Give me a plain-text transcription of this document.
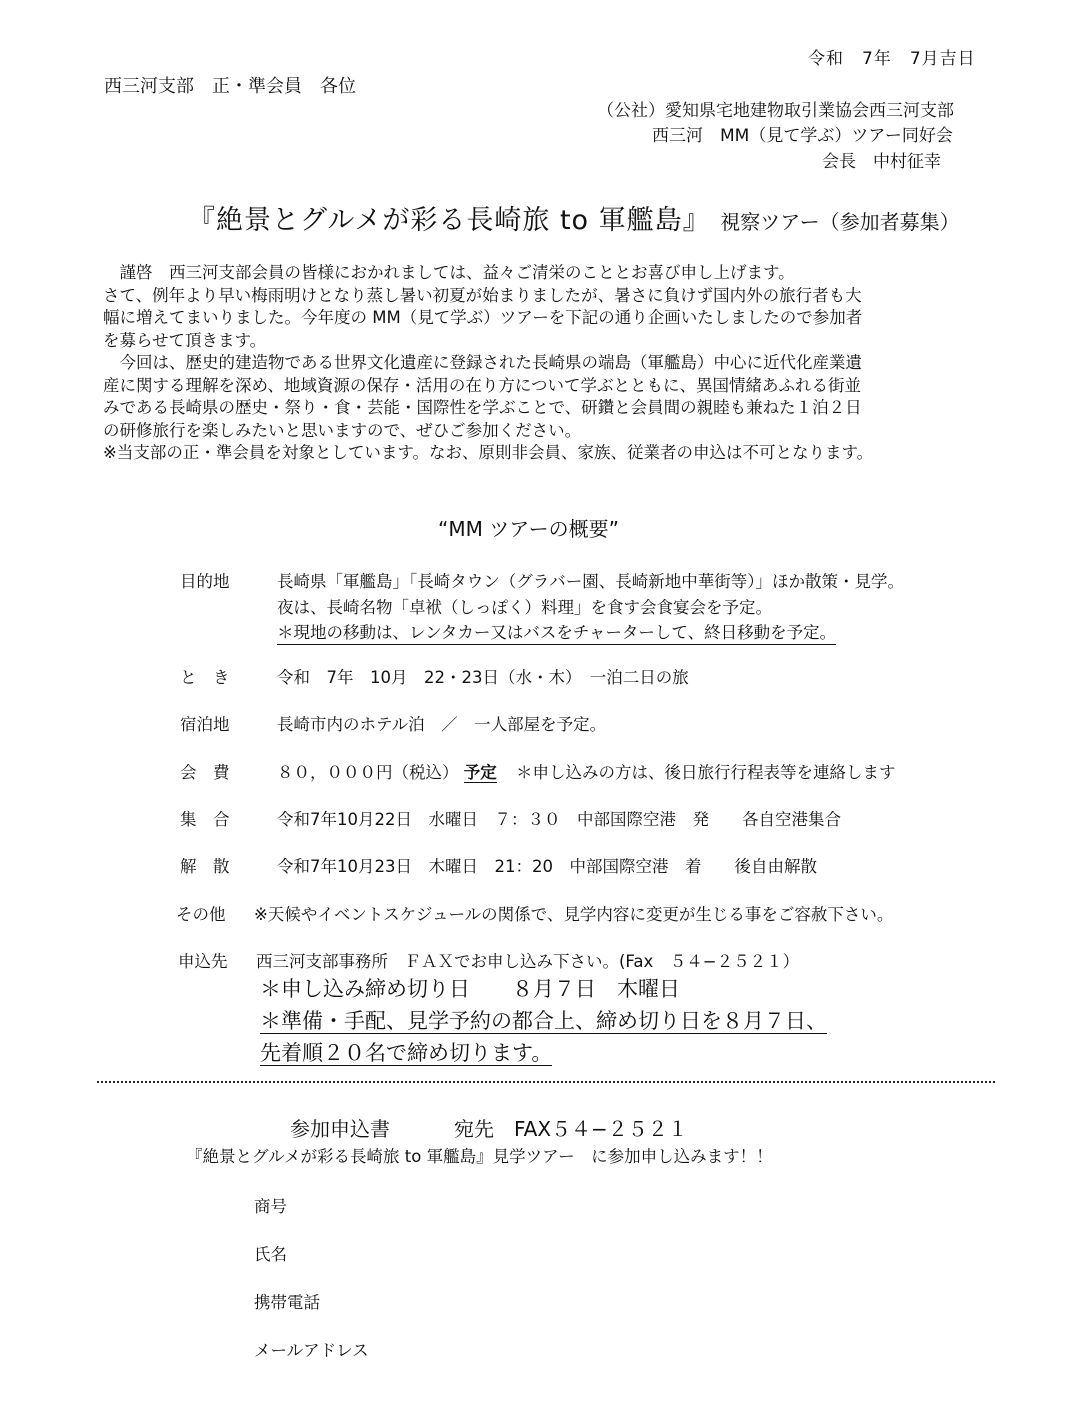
令和　7年　7月吉日
西三河支部　正・準会員　各位
（公社）愛知県宅地建物取引業協会西三河支部
西三河　MM（見て学ぶ）ツアー同好会
会長　中村征幸
『絶景とグルメが彩る長崎旅 to 軍艦島』 視察ツアー（参加者募集）
　謹啓　西三河支部会員の皆様におかれましては、益々ご清栄のこととお喜び申し上げます。
さて、例年より早い梅雨明けとなり蒸し暑い初夏が始まりましたが、暑さに負けず国内外の旅行者も大
幅に増えてまいりました。今年度の MM（見て学ぶ）ツアーを下記の通り企画いたしましたので参加者
を募らせて頂きます。
　今回は、歴史的建造物である世界文化遺産に登録された長崎県の端島（軍艦島）中心に近代化産業遺
産に関する理解を深め、地域資源の保存・活用の在り方について学ぶとともに、異国情緒あふれる街並
みである長崎県の歴史・祭り・食・芸能・国際性を学ぶことで、研鑽と会員間の親睦も兼ねた１泊２日
の研修旅行を楽しみたいと思いますので、ぜひご参加ください。
※当支部の正・準会員を対象としています。なお、原則非会員、家族、従業者の申込は不可となります。
“MM ツアーの概要”
目的地	長崎県「軍艦島」「長崎タウン（グラバー園、長崎新地中華街等）」ほか散策・見学。
夜は、長崎名物「卓袱（しっぽく）料理」を食す会食宴会を予定。
＊現地の移動は、レンタカー又はバスをチャーターして、終日移動を予定。
と　き	令和　7年　10月　22・23日（水・木）　一泊二日の旅
宿泊地	長崎市内のホテル泊　／　一人部屋を予定。
会　費	８０，０００円（税込） 予定 ＊申し込みの方は、後日旅行行程表等を連絡します
集　合	令和7年10月22日　水曜日　７：３０　中部国際空港　発　　各自空港集合
解　散	令和7年10月23日　木曜日　21：20　中部国際空港　着　　後自由解散
その他	※天候やイベントスケジュールの関係で、見学内容に変更が生じる事をご容赦下さい。
申込先	西三河支部事務所　ＦＡＸでお申し込み下さい。(Fax　５４−２５２１）
＊申し込み締め切り日　　８月７日　木曜日
＊準備・手配、見学予約の都合上、締め切り日を８月７日、
先着順２０名で締め切ります。
参加申込書	宛先　FAX５４−２５２１
『絶景とグルメが彩る長崎旅 to 軍艦島』見学ツアー　に参加申し込みます！！
商号
氏名
携帯電話
メールアドレス
